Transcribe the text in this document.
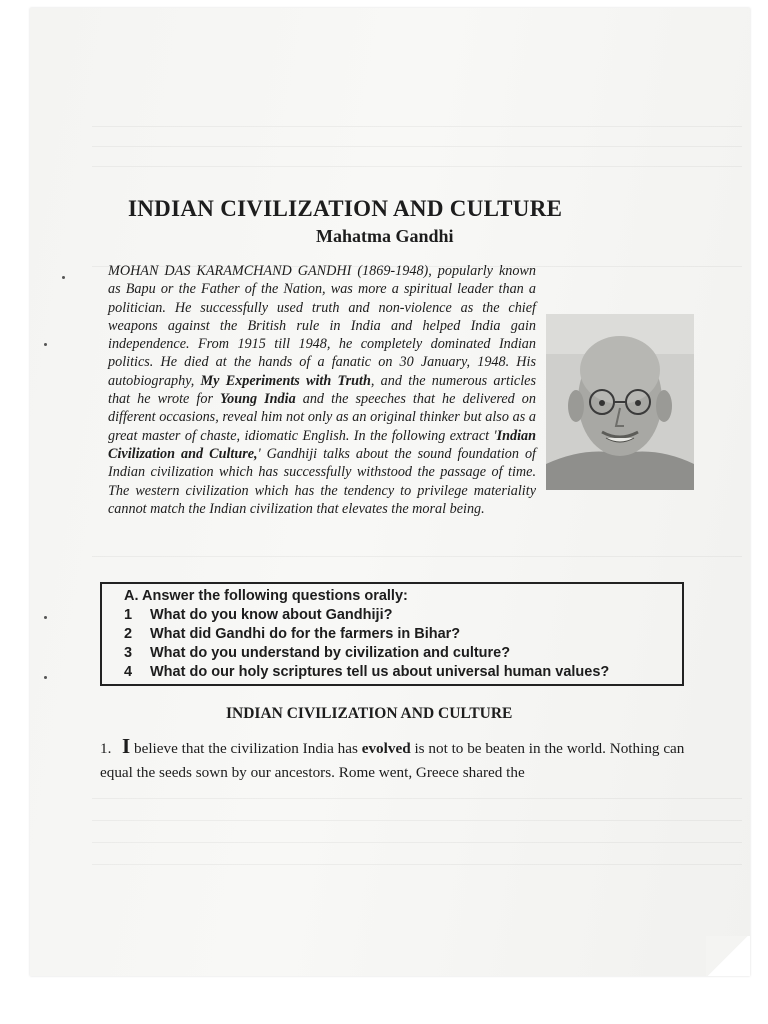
INDIAN CIVILIZATION AND CULTURE
Mahatma Gandhi

MOHAN DAS KARAMCHAND GANDHI (1869-1948), popularly known as Bapu or the Father of the Nation, was more a spiritual leader than a politician. He successfully used truth and non-violence as the chief weapons against the British rule in India and helped India gain independence. From 1915 till 1948, he completely dominated Indian politics. He died at the hands of a fanatic on 30 January, 1948. His autobiography, My Experiments with Truth, and the numerous articles that he wrote for Young India and the speeches that he delivered on different occasions, reveal him not only as an original thinker but also as a great master of chaste, idiomatic English. In the following extract 'Indian Civilization and Culture,' Gandhiji talks about the sound foundation of Indian civilization which has successfully withstood the passage of time. The western civilization which has the tendency to privilege materiality cannot match the Indian civilization that elevates the moral being.

A. Answer the following questions orally:
1 What do you know about Gandhiji?
2 What did Gandhi do for the farmers in Bihar?
3 What do you understand by civilization and culture?
4 What do our holy scriptures tell us about universal human values?
INDIAN CIVILIZATION AND CULTURE

1. I believe that the civilization India has evolved is not to be beaten in the world. Nothing can equal the seeds sown by our ancestors. Rome went, Greece shared the
